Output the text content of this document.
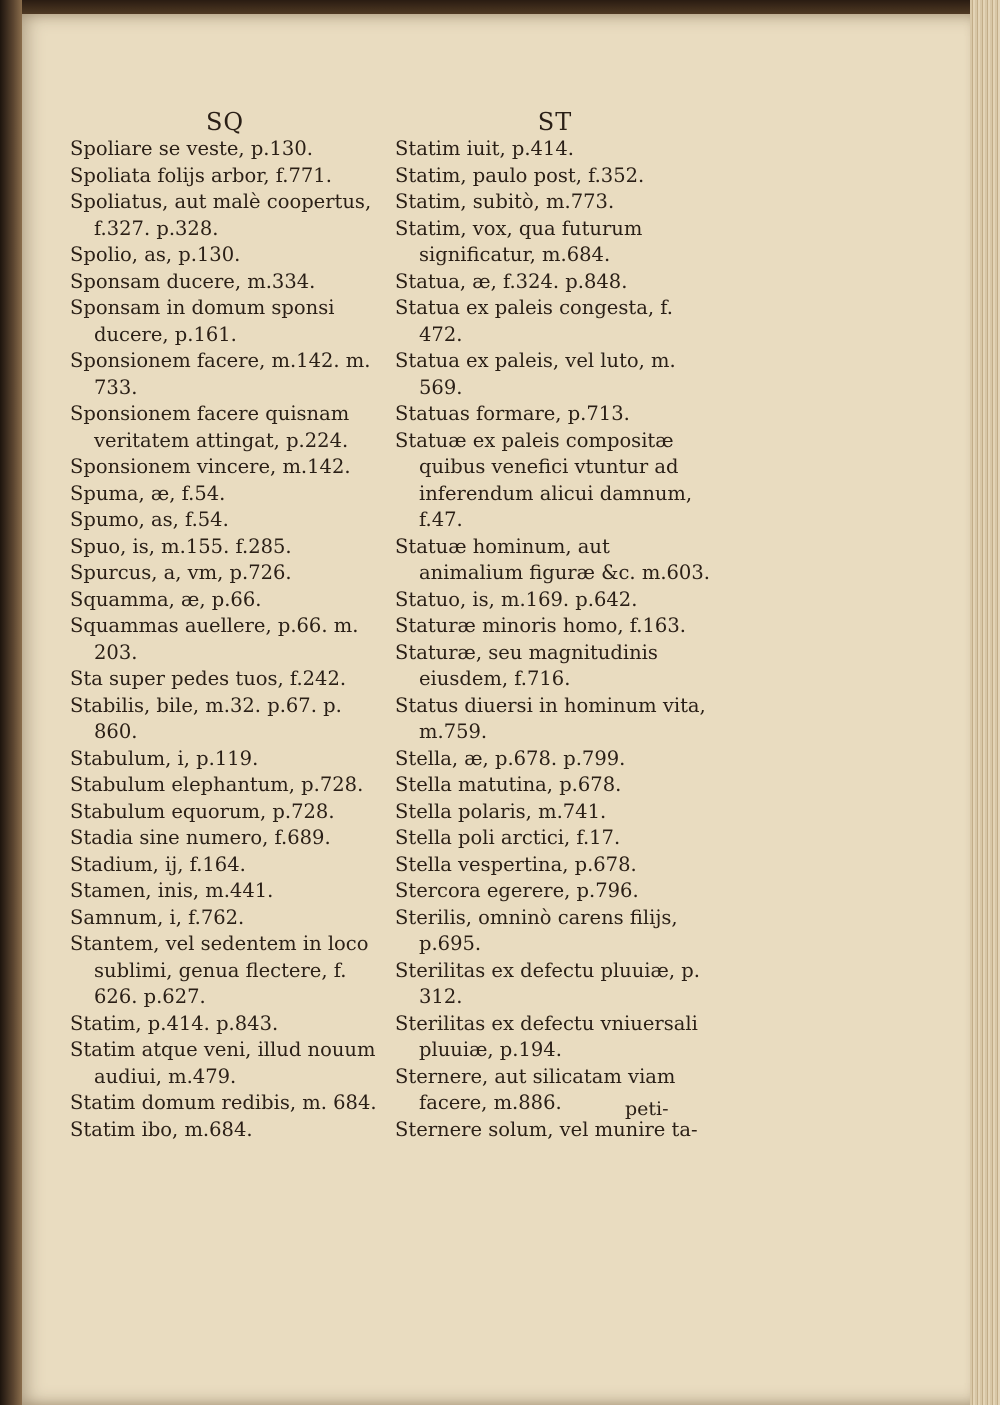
SQ
Spoliare se veste, p.130.
Spoliata folijs arbor, f.771.
Spoliatus, aut malè coopertus, f.327. p.328.
Spolio, as, p.130.
Sponsam ducere, m.334.
Sponsam in domum sponsi ducere, p.161.
Sponsionem facere, m.142. m. 733.
Sponsionem facere quisnam veritatem attingat, p.224.
Sponsionem vincere, m.142.
Spuma, æ, f.54.
Spumo, as, f.54.
Spuo, is, m.155. f.285.
Spurcus, a, vm, p.726.
Squamma, æ, p.66.
Squammas auellere, p.66. m. 203.
Sta super pedes tuos, f.242.
Stabilis, bile, m.32. p.67. p. 860.
Stabulum, i, p.119.
Stabulum elephantum, p.728.
Stabulum equorum, p.728.
Stadia sine numero, f.689.
Stadium, ij, f.164.
Stamen, inis, m.441.
Samnum, i, f.762.
Stantem, vel sedentem in loco sublimi, genua flectere, f. 626. p.627.
Statim, p.414. p.843.
Statim atque veni, illud nouum audiui, m.479.
Statim domum redibis, m. 684.
Statim ibo, m.684.
ST
Statim iuit, p.414.
Statim, paulo post, f.352.
Statim, subitò, m.773.
Statim, vox, qua futurum significatur, m.684.
Statua, æ, f.324. p.848.
Statua ex paleis congesta, f. 472.
Statua ex paleis, vel luto, m. 569.
Statuas formare, p.713.
Statuæ ex paleis compositæ quibus venefici vtuntur ad inferendum alicui damnum, f.47.
Statuæ hominum, aut animalium figuræ &c. m.603.
Statuo, is, m.169. p.642.
Staturæ minoris homo, f.163.
Staturæ, seu magnitudinis eiusdem, f.716.
Status diuersi in hominum vita, m.759.
Stella, æ, p.678. p.799.
Stella matutina, p.678.
Stella polaris, m.741.
Stella poli arctici, f.17.
Stella vespertina, p.678.
Stercora egerere, p.796.
Sterilis, omninò carens filijs, p.695.
Sterilitas ex defectu pluuiæ, p. 312.
Sterilitas ex defectu vniuersali pluuiæ, p.194.
Sternere, aut silicatam viam facere, m.886.
Sternere solum, vel munire ta-
peti-
